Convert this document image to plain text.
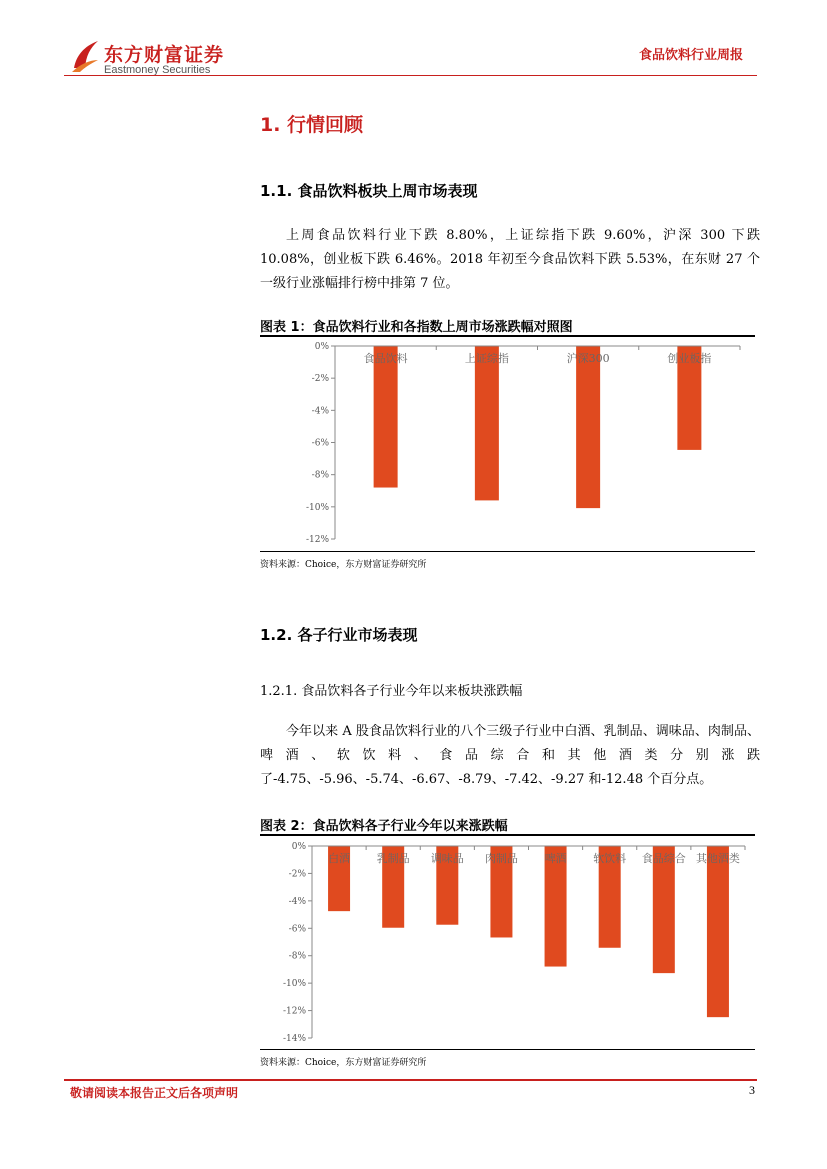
东方财富证券
Eastmoney Securities
食品饮料行业周报
1. 行情回顾
1.1. 食品饮料板块上周市场表现
上周食品饮料行业下跌 8.80%，上证综指下跌 9.60%，沪深 300 下跌 10.08%，创业板下跌 6.46%。2018 年初至今食品饮料下跌 5.53%，在东财 27 个一级行业涨幅排行榜中排第 7 位。
图表 1：食品饮料行业和各指数上周市场涨跌幅对照图
0%
-2%
-4%
-6%
-8%
-10%
-12%
食品饮料	上证综指	沪深300	创业板指
资料来源：Choice，东方财富证券研究所
1.2. 各子行业市场表现
1.2.1. 食品饮料各子行业今年以来板块涨跌幅
今年以来 A 股食品饮料行业的八个三级子行业中白酒、乳制品、调味品、肉制品、啤酒、软饮料、食品综合和其他酒类分别涨跌了-4.75、-5.96、-5.74、-6.67、-8.79、-7.42、-9.27 和-12.48 个百分点。
图表 2：食品饮料各子行业今年以来涨跌幅
0%
-2%
-4%
-6%
-8%
-10%
-12%
-14%
白酒 乳制品 调味品 肉制品 啤酒 软饮料 食品综合 其他酒类
资料来源：Choice，东方财富证券研究所
敬请阅读本报告正文后各项声明	3
